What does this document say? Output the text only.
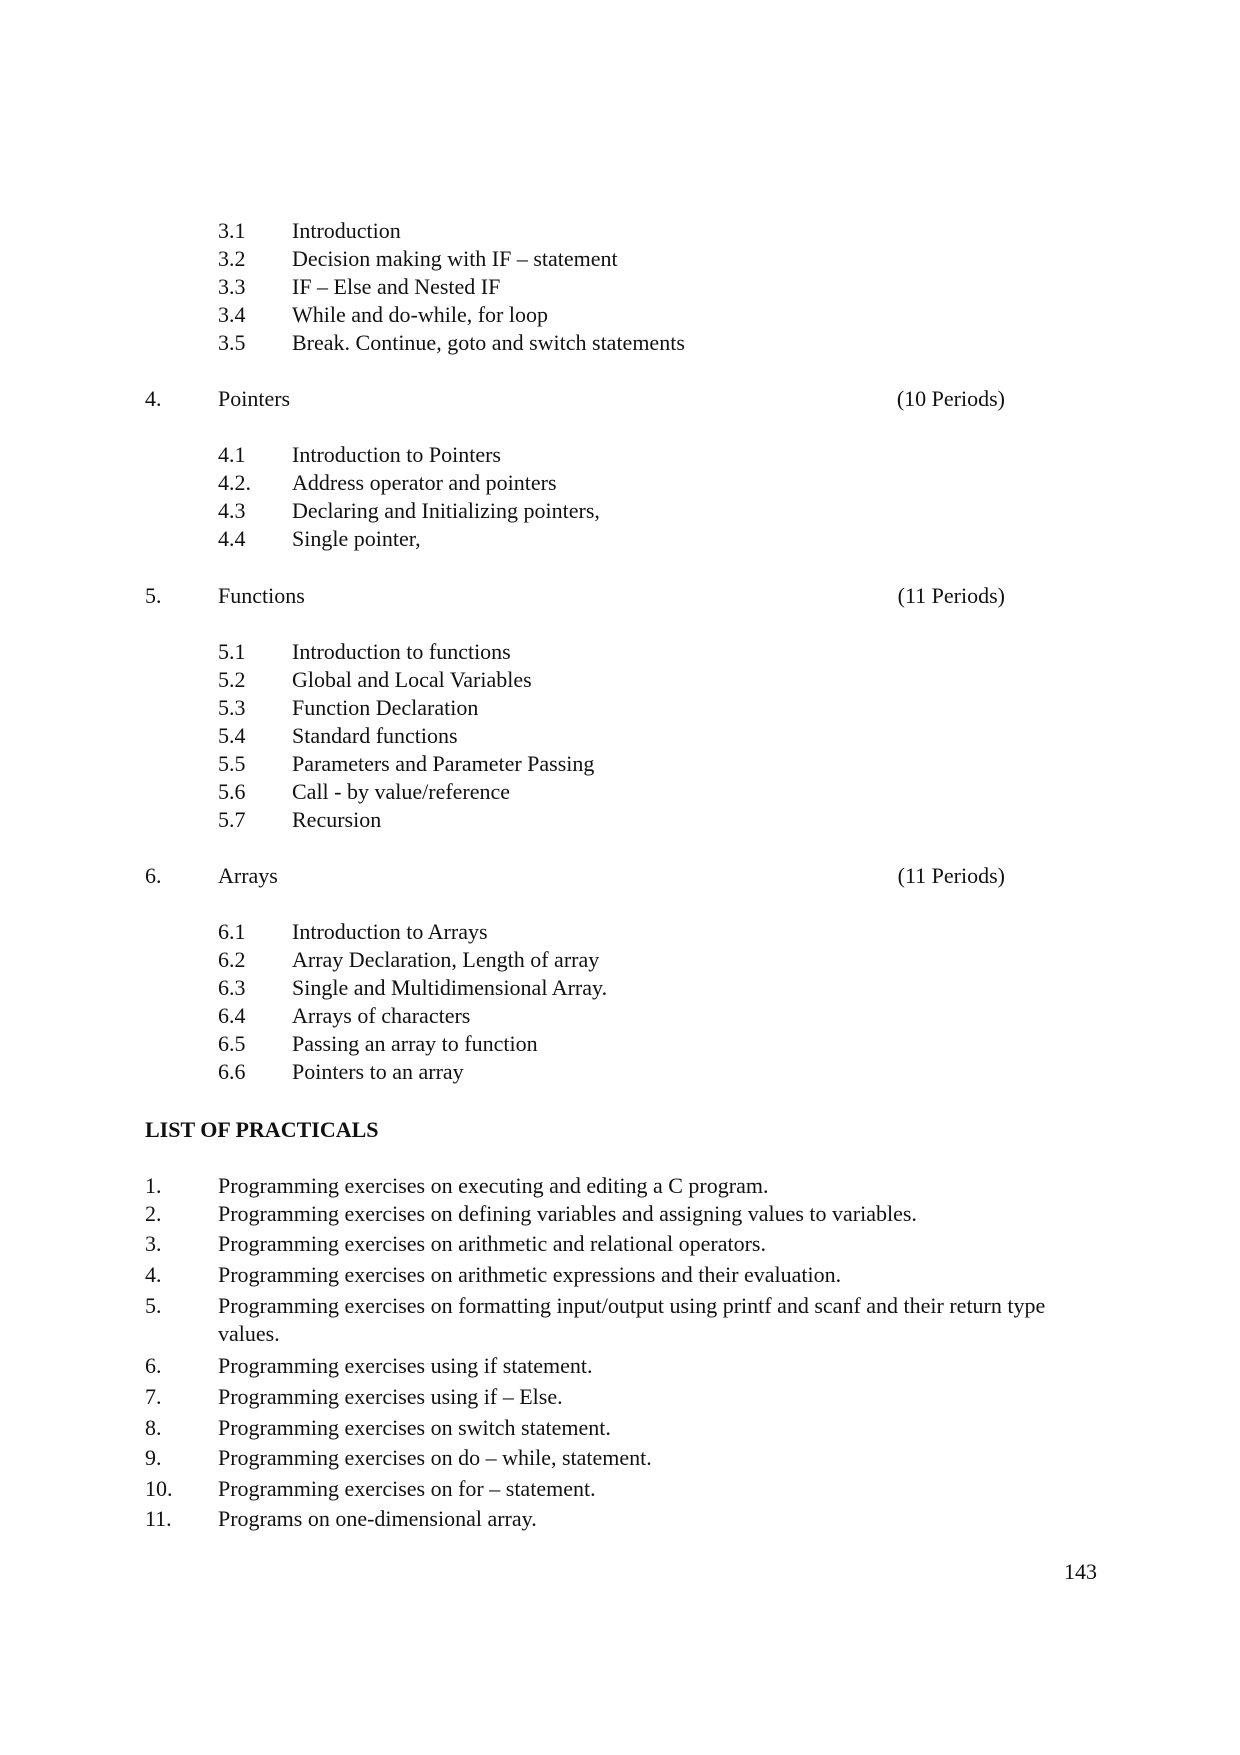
3.1 Introduction
3.2 Decision making with IF – statement
3.3 IF – Else and Nested IF
3.4 While and do-while, for loop
3.5 Break. Continue, goto and switch statements
4.	Pointers	(10 Periods)
4.1 Introduction to Pointers
4.2. Address operator and pointers
4.3 Declaring and Initializing pointers,
4.4 Single pointer,
5.	Functions	(11 Periods)
5.1 Introduction to functions
5.2 Global and Local Variables
5.3 Function Declaration
5.4 Standard functions
5.5 Parameters and Parameter Passing
5.6 Call - by value/reference
5.7 Recursion
6.	Arrays	(11 Periods)
6.1 Introduction to Arrays
6.2 Array Declaration, Length of array
6.3 Single and Multidimensional Array.
6.4 Arrays of characters
6.5 Passing an array to function
6.6 Pointers to an array
LIST OF PRACTICALS
1.	Programming exercises on executing and editing a C program.
2.	Programming exercises on defining variables and assigning values to variables.
3.	Programming exercises on arithmetic and relational operators.
4.	Programming exercises on arithmetic expressions and their evaluation.
5.	Programming exercises on formatting input/output using printf and scanf and their return type values.
6.	Programming exercises using if statement.
7.	Programming exercises using if – Else.
8.	Programming exercises on switch statement.
9.	Programming exercises on do – while, statement.
10. Programming exercises on for – statement.
11. Programs on one-dimensional array.
143
